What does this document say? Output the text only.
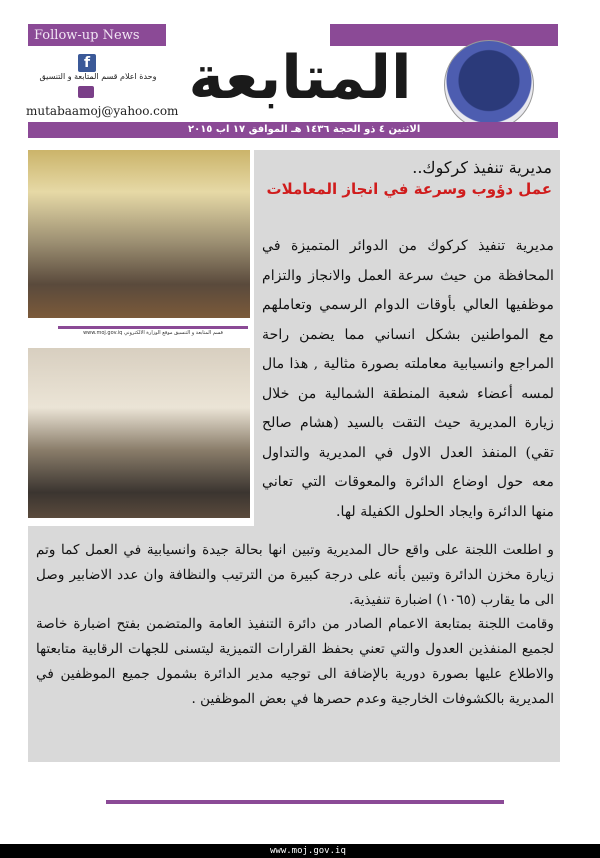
Follow-up News
f
وحدة اعلام قسم المتابعة و التنسيق
mutabaamoj@yahoo.com المتابعة
الاثنين ٤ ذو الحجة ١٤٣٦ هـ الموافق ١٧ اب ٢٠١٥
قسم المتابعة و التنسيق موقع الوزارة الالكتروني www.moj.gov.iq
مديرية تنفيذ كركوك..
عمل دؤوب وسرعة في انجاز المعاملات
مديرية تنفيذ كركوك من الدوائر المتميزة في المحافظة من حيث سرعة العمل والانجاز والتزام موظفيها العالي بأوقات الدوام الرسمي وتعاملهم مع المواطنين بشكل انساني مما يضمن راحة المراجع وانسيابية معاملته بصورة مثالية , هذا مال لمسه أعضاء شعبة المنطقة الشمالية من خلال زيارة المديرية حيث التقت بالسيد (هشام صالح تقي) المنفذ العدل الاول في المديرية والتداول معه حول اوضاع الدائرة والمعوقات التي تعاني منها الدائرة وايجاد الحلول الكفيلة لها.

و اطلعت اللجنة على واقع حال المديرية وتبين انها بحالة جيدة وانسيابية في العمل كما وتم زيارة مخزن الدائرة وتبين بأنه على درجة كبيرة من الترتيب والنظافة وان عدد الاضابير وصل الى ما يقارب (١٠٦٥) اضبارة تنفيذية.

وقامت اللجنة بمتابعة الاعمام الصادر من دائرة التنفيذ العامة والمتضمن بفتح اضبارة خاصة لجميع المنفذين العدول والتي تعني بحفظ القرارات التميزية ليتسنى للجهات الرقابية متابعتها والاطلاع عليها بصورة دورية بالإضافة الى توجيه مدير الدائرة بشمول جميع الموظفين في المديرية بالكشوفات الخارجية وعدم حصرها في بعض الموظفين .

www.moj.gov.iq
